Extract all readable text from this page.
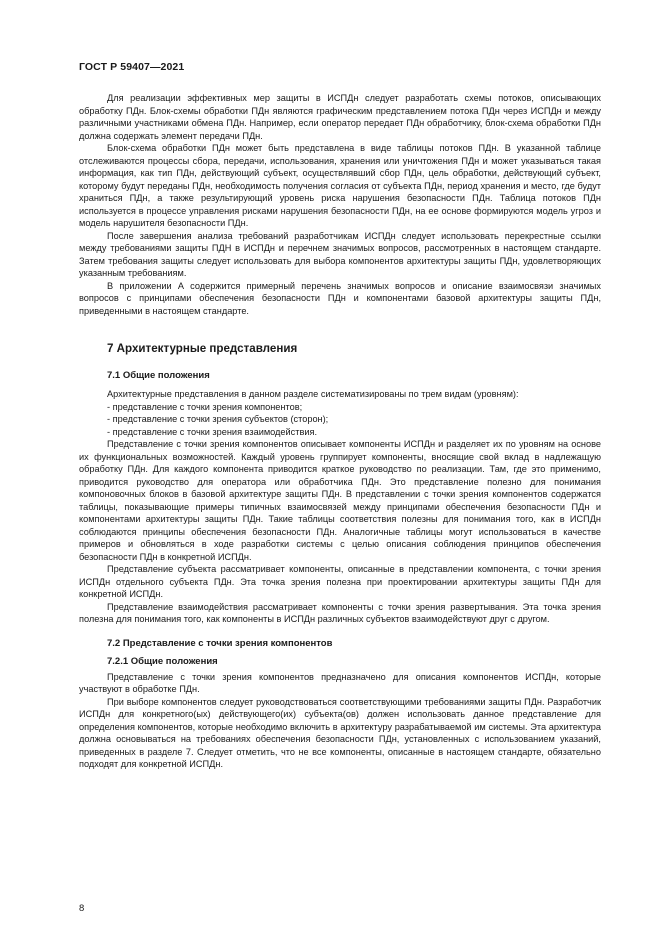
ГОСТ Р 59407—2021

Для реализации эффективных мер защиты в ИСПДн следует разработать схемы потоков, описывающих обработку ПДн. Блок-схемы обработки ПДн являются графическим представлением потока ПДн через ИСПДн и между различными участниками обмена ПДн. Например, если оператор передает ПДн обработчику, блок-схема обработки ПДн должна содержать элемент передачи ПДн.

Блок-схема обработки ПДн может быть представлена в виде таблицы потоков ПДн. В указанной таблице отслеживаются процессы сбора, передачи, использования, хранения или уничтожения ПДн и может указываться такая информация, как тип ПДн, действующий субъект, осуществлявший сбор ПДн, цель обработки, действующий субъект, которому будут переданы ПДн, необходимость получения согласия от субъекта ПДн, период хранения и место, где будут храниться ПДн, а также результирующий уровень риска нарушения безопасности ПДн. Таблица потоков ПДн используется в процессе управления рисками нарушения безопасности ПДн, на ее основе формируются модель угроз и модель нарушителя безопасности ПДн.

После завершения анализа требований разработчикам ИСПДн следует использовать перекрестные ссылки между требованиями защиты ПДН в ИСПДн и перечнем значимых вопросов, рассмотренных в настоящем стандарте. Затем требования защиты следует использовать для выбора компонентов архитектуры защиты ПДн, удовлетворяющих указанным требованиям.

В приложении А содержится примерный перечень значимых вопросов и описание взаимосвязи значимых вопросов с принципами обеспечения безопасности ПДн и компонентами базовой архитектуры защиты ПДн, приведенными в настоящем стандарте.

7 Архитектурные представления
7.1 Общие положения

Архитектурные представления в данном разделе систематизированы по трем видам (уровням):

- представление с точки зрения компонентов;

- представление с точки зрения субъектов (сторон);

- представление с точки зрения взаимодействия.

Представление с точки зрения компонентов описывает компоненты ИСПДн и разделяет их по уровням на основе их функциональных возможностей. Каждый уровень группирует компоненты, вносящие свой вклад в надлежащую обработку ПДн. Для каждого компонента приводится краткое руководство по реализации. Там, где это применимо, приводится руководство для оператора или обработчика ПДн. Это представление полезно для понимания компоновочных блоков в базовой архитектуре защиты ПДн. В представлении с точки зрения компонентов содержатся таблицы, показывающие примеры типичных взаимосвязей между принципами обеспечения безопасности ПДн и компонентами архитектуры защиты ПДн. Такие таблицы соответствия полезны для понимания того, как в ИСПДн соблюдаются принципы обеспечения безопасности ПДн. Аналогичные таблицы могут использоваться в качестве примеров и обновляться в ходе разработки системы с целью описания соблюдения принципов обеспечения безопасности ПДн в конкретной ИСПДн.

Представление субъекта рассматривает компоненты, описанные в представлении компонента, с точки зрения ИСПДн отдельного субъекта ПДн. Эта точка зрения полезна при проектировании архитектуры защиты ПДн для конкретной ИСПДн.

Представление взаимодействия рассматривает компоненты с точки зрения развертывания. Эта точка зрения полезна для понимания того, как компоненты в ИСПДн различных субъектов взаимодействуют друг с другом.

7.2 Представление с точки зрения компонентов
7.2.1 Общие положения

Представление с точки зрения компонентов предназначено для описания компонентов ИСПДн, которые участвуют в обработке ПДн.

При выборе компонентов следует руководствоваться соответствующими требованиями защиты ПДн. Разработчик ИСПДн для конкретного(ых) действующего(их) субъекта(ов) должен использовать данное представление для определения компонентов, которые необходимо включить в архитектуру разрабатываемой им системы. Эта архитектура должна основываться на требованиях обеспечения безопасности ПДн, установленных с использованием указаний, приведенных в разделе 7. Следует отметить, что не все компоненты, описанные в настоящем стандарте, обязательно подходят для конкретной ИСПДн.

8
